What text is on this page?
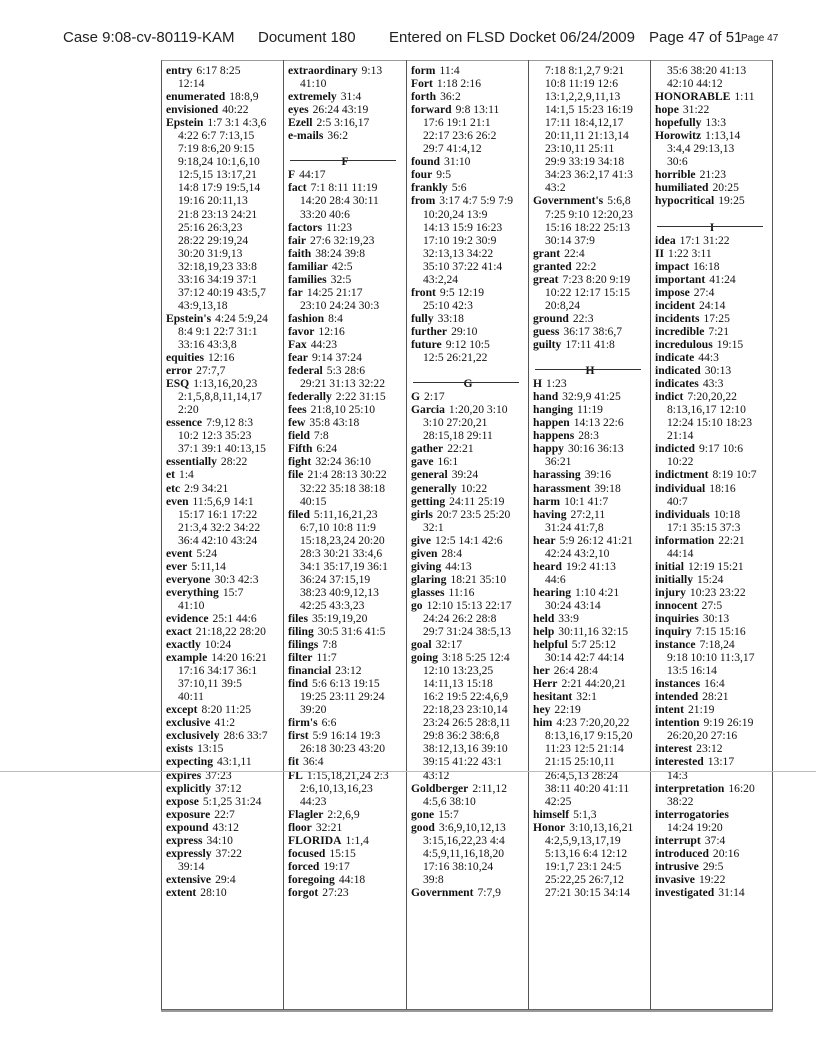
Case 9:08-cv-80119-KAM Document 180 Entered on FLSD Docket 06/24/2009 Page 47 of 51
Page 47
entry 6:17 8:25
12:14
enumerated 18:8,9
envisioned 40:22
Epstein 1:7 3:1 4:3,6
4:22 6:7 7:13,15
7:19 8:6,20 9:15
9:18,24 10:1,6,10
12:5,15 13:17,21
14:8 17:9 19:5,14
19:16 20:11,13
21:8 23:13 24:21
25:16 26:3,23
28:22 29:19,24
30:20 31:9,13
32:18,19,23 33:8
33:16 34:19 37:1
37:12 40:19 43:5,7
43:9,13,18
Epstein's 4:24 5:9,24
8:4 9:1 22:7 31:1
33:16 43:3,8
equities 12:16
error 27:7,7
ESQ 1:13,16,20,23
2:1,5,8,8,11,14,17
2:20
essence 7:9,12 8:3
10:2 12:3 35:23
37:1 39:1 40:13,15
essentially 28:22
et 1:4
etc 2:9 34:21
even 11:5,6,9 14:1
15:17 16:1 17:22
21:3,4 32:2 34:22
36:4 42:10 43:24
event 5:24
ever 5:11,14
everyone 30:3 42:3
everything 15:7
41:10
evidence 25:1 44:6
exact 21:18,22 28:20
exactly 10:24
example 14:20 16:21
17:16 34:17 36:1
37:10,11 39:5
40:11
except 8:20 11:25
exclusive 41:2
exclusively 28:6 33:7
exists 13:15
expecting 43:1,11
expires 37:23
explicitly 37:12
expose 5:1,25 31:24
exposure 22:7
expound 43:12
express 34:10
expressly 37:22
39:14
extensive 29:4
extent 28:10
extraordinary 9:13
41:10
extremely 31:4
eyes 26:24 43:19
Ezell 2:5 3:16,17
e-mails 36:2
F
F 44:17
fact 7:1 8:11 11:19
14:20 28:4 30:11
33:20 40:6
factors 11:23
fair 27:6 32:19,23
faith 38:24 39:8
familiar 42:5
families 32:5
far 14:25 21:17
23:10 24:24 30:3
fashion 8:4
favor 12:16
Fax 44:23
fear 9:14 37:24
federal 5:3 28:6
29:21 31:13 32:22
federally 2:22 31:15
fees 21:8,10 25:10
few 35:8 43:18
field 7:8
Fifth 6:24
fight 32:24 36:10
file 21:4 28:13 30:22
32:22 35:18 38:18
40:15
filed 5:11,16,21,23
6:7,10 10:8 11:9
15:18,23,24 20:20
28:3 30:21 33:4,6
34:1 35:17,19 36:1
36:24 37:15,19
38:23 40:9,12,13
42:25 43:3,23
files 35:19,19,20
filing 30:5 31:6 41:5
filings 7:8
filter 11:7
financial 23:12
find 5:6 6:13 19:15
19:25 23:11 29:24
39:20
firm's 6:6
first 5:9 16:14 19:3
26:18 30:23 43:20
fit 36:4
FL 1:15,18,21,24 2:3
2:6,10,13,16,23
44:23
Flagler 2:2,6,9
floor 32:21
FLORIDA 1:1,4
focused 15:15
forced 19:17
foregoing 44:18
forgot 27:23
form 11:4
Fort 1:18 2:16
forth 36:2
forward 9:8 13:11
17:6 19:1 21:1
22:17 23:6 26:2
29:7 41:4,12
found 31:10
four 9:5
frankly 5:6
from 3:17 4:7 5:9 7:9
10:20,24 13:9
14:13 15:9 16:23
17:10 19:2 30:9
32:13,13 34:22
35:10 37:22 41:4
43:2,24
front 9:5 12:19
25:10 42:3
fully 33:18
further 29:10
future 9:12 10:5
12:5 26:21,22
G
G 2:17
Garcia 1:20,20 3:10
3:10 27:20,21
28:15,18 29:11
gather 22:21
gave 16:1
general 39:24
generally 10:22
getting 24:11 25:19
girls 20:7 23:5 25:20
32:1
give 12:5 14:1 42:6
given 28:4
giving 44:13
glaring 18:21 35:10
glasses 11:16
go 12:10 15:13 22:17
24:24 26:2 28:8
29:7 31:24 38:5,13
goal 32:17
going 3:18 5:25 12:4
12:10 13:23,25
14:11,13 15:18
16:2 19:5 22:4,6,9
22:18,23 23:10,14
23:24 26:5 28:8,11
29:8 36:2 38:6,8
38:12,13,16 39:10
39:15 41:22 43:1
43:12
Goldberger 2:11,12
4:5,6 38:10
gone 15:7
good 3:6,9,10,12,13
3:15,16,22,23 4:4
4:5,9,11,16,18,20
17:16 38:10,24
39:8
Government 7:7,9
7:18 8:1,2,7 9:21
10:8 11:19 12:6
13:1,2,2,9,11,13
14:1,5 15:23 16:19
17:11 18:4,12,17
20:11,11 21:13,14
23:10,11 25:11
29:9 33:19 34:18
34:23 36:2,17 41:3
43:2
Government's 5:6,8
7:25 9:10 12:20,23
15:16 18:22 25:13
30:14 37:9
grant 22:4
granted 22:2
great 7:23 8:20 9:19
10:22 12:17 15:15
20:8,24
ground 22:3
guess 36:17 38:6,7
guilty 17:11 41:8
H
H 1:23
hand 32:9,9 41:25
hanging 11:19
happen 14:13 22:6
happens 28:3
happy 30:16 36:13
36:21
harassing 39:16
harassment 39:18
harm 10:1 41:7
having 27:2,11
31:24 41:7,8
hear 5:9 26:12 41:21
42:24 43:2,10
heard 19:2 41:13
44:6
hearing 1:10 4:21
30:24 43:14
held 33:9
help 30:11,16 32:15
helpful 5:7 25:12
30:14 42:7 44:14
her 26:4 28:4
Herr 2:21 44:20,21
hesitant 32:1
hey 22:19
him 4:23 7:20,20,22
8:13,16,17 9:15,20
11:23 12:5 21:14
21:15 25:10,11
26:4,5,13 28:24
38:11 40:20 41:11
42:25
himself 5:1,3
Honor 3:10,13,16,21
4:2,5,9,13,17,19
5:13,16 6:4 12:12
19:1,7 23:1 24:5
25:22,25 26:7,12
27:21 30:15 34:14
35:6 38:20 41:13
42:10 44:12
HONORABLE 1:11
hope 31:22
hopefully 13:3
Horowitz 1:13,14
3:4,4 29:13,13
30:6
horrible 21:23
humiliated 20:25
hypocritical 19:25
I
idea 17:1 31:22
II 1:22 3:11
impact 16:18
important 41:24
impose 27:4
incident 24:14
incidents 17:25
incredible 7:21
incredulous 19:15
indicate 44:3
indicated 30:13
indicates 43:3
indict 7:20,20,22
8:13,16,17 12:10
12:24 15:10 18:23
21:14
indicted 9:17 10:6
10:22
indictment 8:19 10:7
individual 18:16
40:7
individuals 10:18
17:1 35:15 37:3
information 22:21
44:14
initial 12:19 15:21
initially 15:24
injury 10:23 23:22
innocent 27:5
inquiries 30:13
inquiry 7:15 15:16
instance 7:18,24
9:18 10:10 11:3,17
13:5 16:14
instances 16:4
intended 28:21
intent 21:19
intention 9:19 26:19
26:20,20 27:16
interest 23:12
interested 13:17
14:3
interpretation 16:20
38:22
interrogatories
14:24 19:20
interrupt 37:4
introduced 20:16
intrusive 29:5
invasive 19:22
investigated 31:14
